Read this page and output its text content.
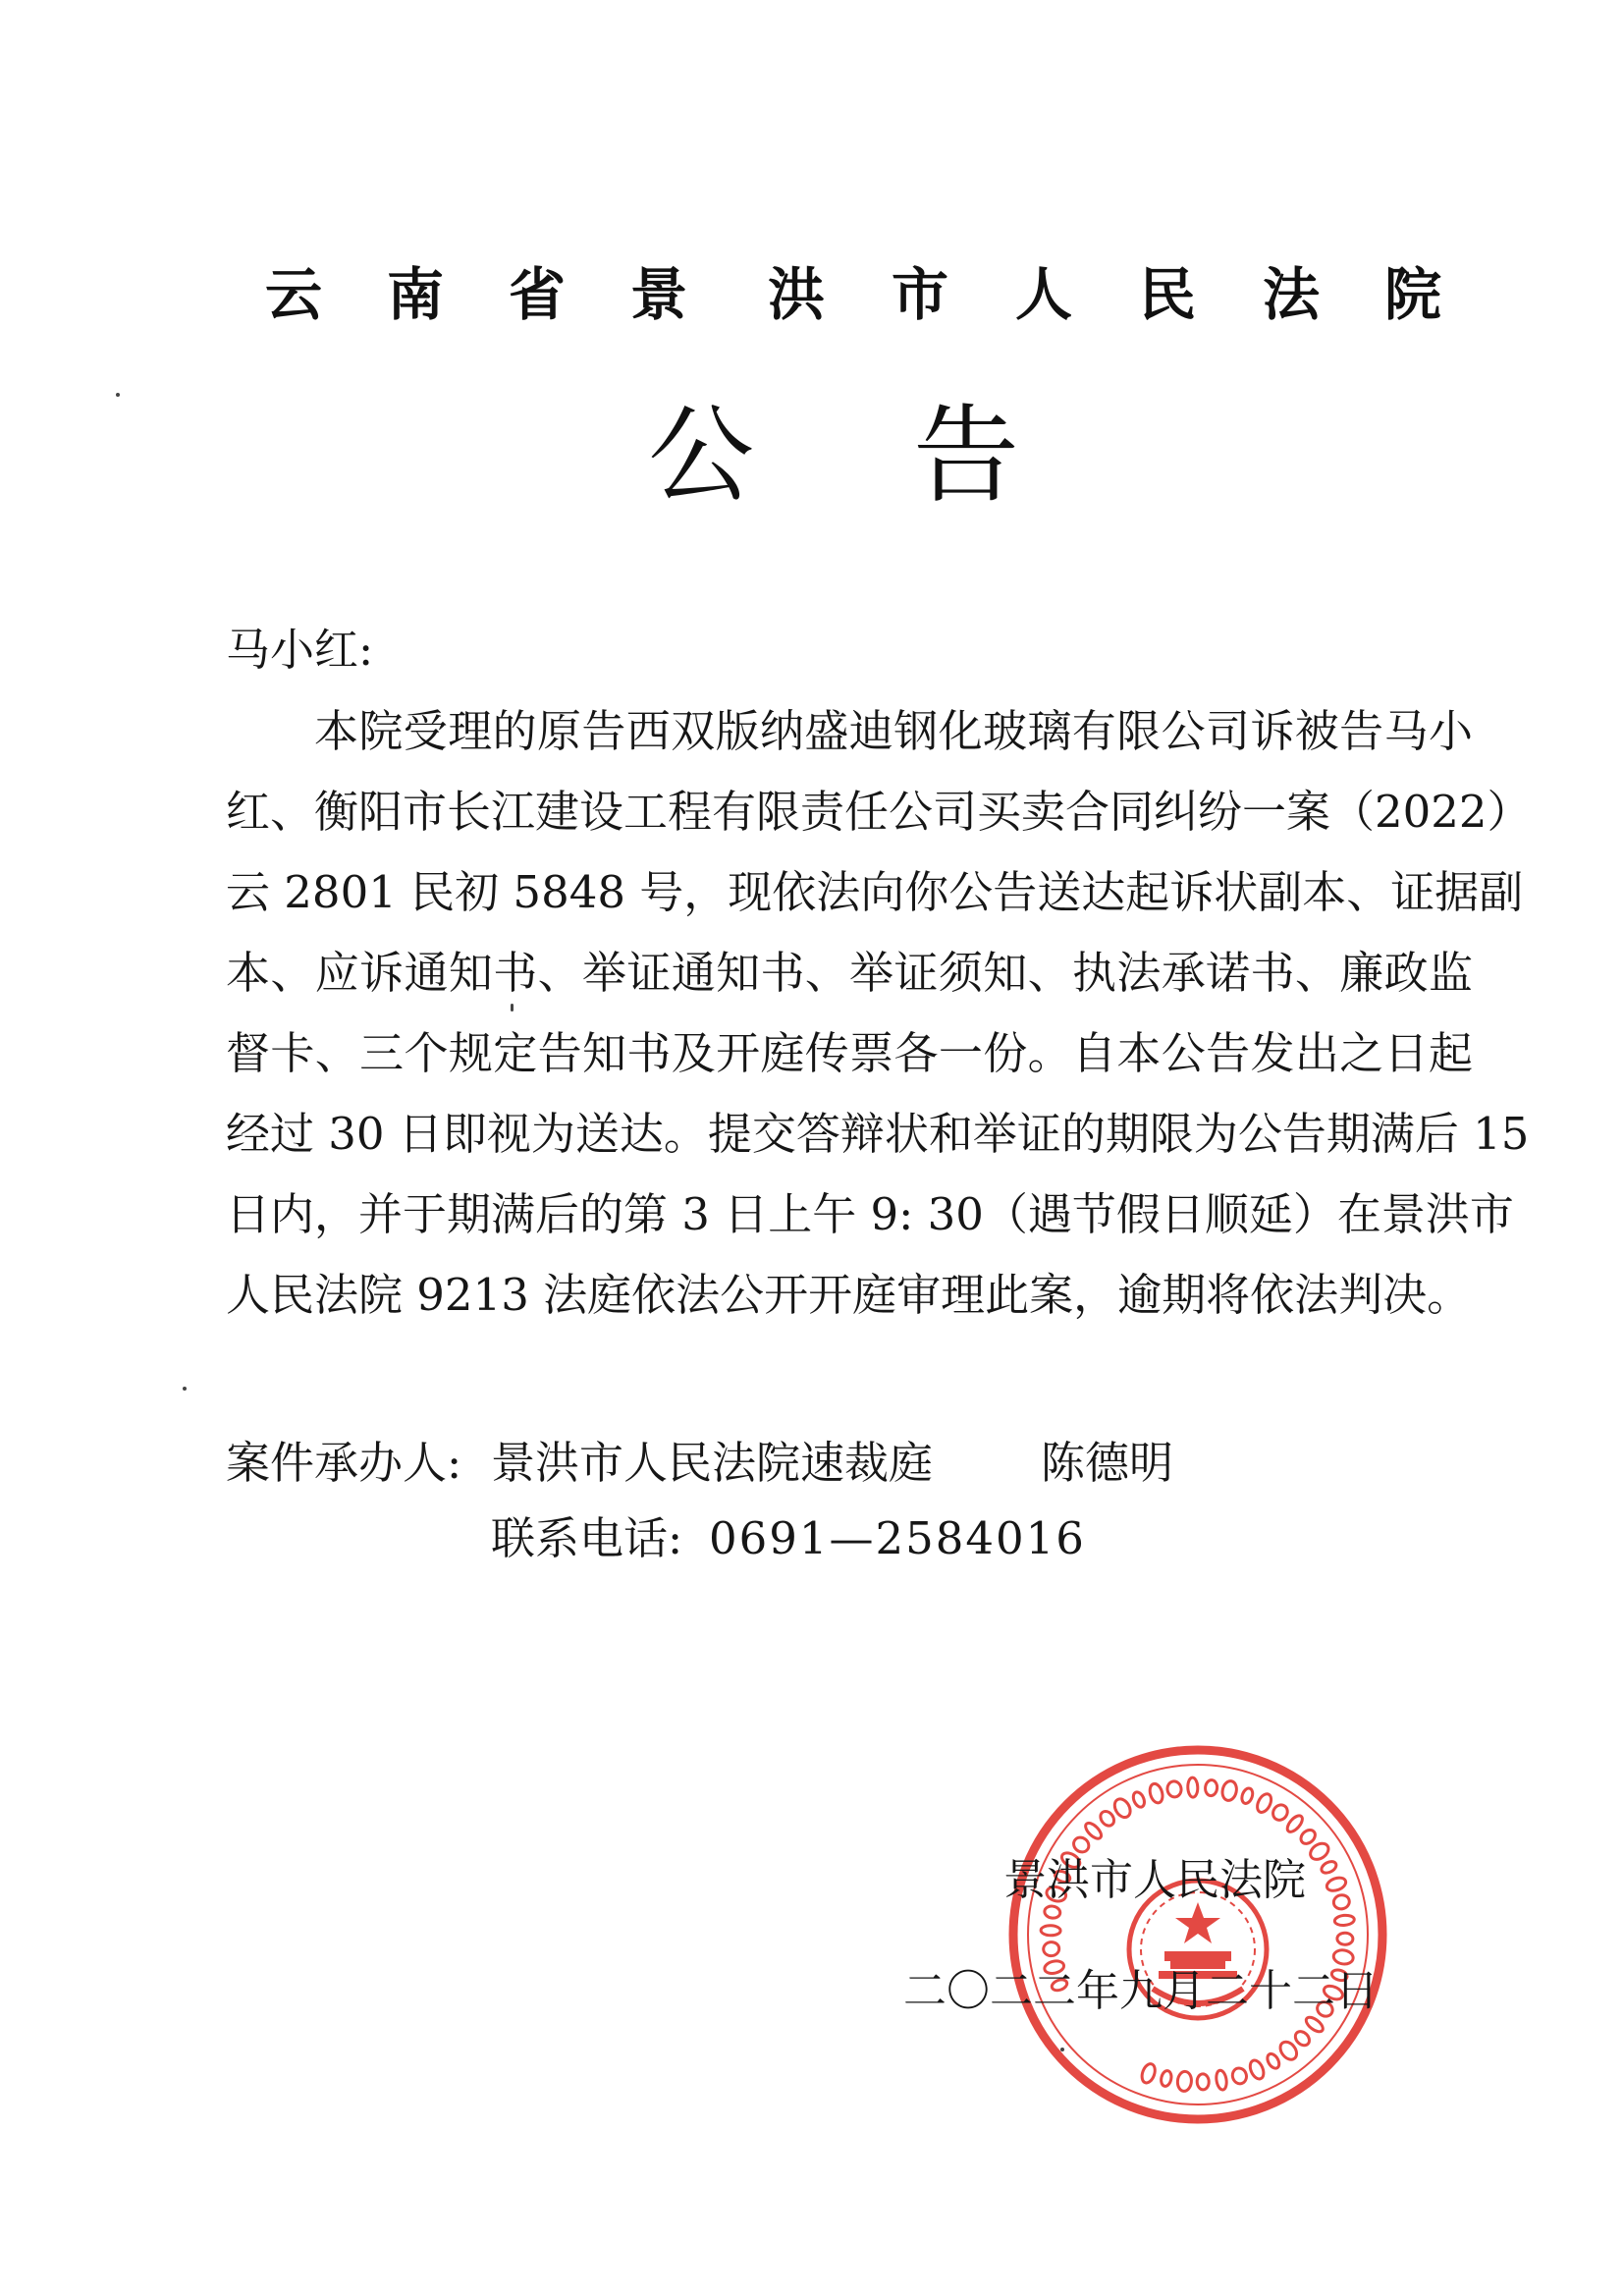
云 南 省 景 洪 市 人 民 法 院
公 告
马小红:
本院受理的原告西双版纳盛迪钢化玻璃有限公司诉被告马小
红、衡阳市长江建设工程有限责任公司买卖合同纠纷一案（2022）
云 2801 民初 5848 号，现依法向你公告送达起诉状副本、证据副
本、应诉通知书、举证通知书、举证须知、执法承诺书、廉政监
督卡、三个规定告知书及开庭传票各一份。自本公告发出之日起
经过 30 日即视为送达。提交答辩状和举证的期限为公告期满后 15
日内，并于期满后的第 3 日上午 9: 30（遇节假日顺延）在景洪市
人民法院 9213 法庭依法公开开庭审理此案，逾期将依法判决。
案件承办人: 景洪市人民法院速裁庭 陈德明
联系电话: 0691—2584016
景洪市人民法院
二〇二二年九月二十二日
